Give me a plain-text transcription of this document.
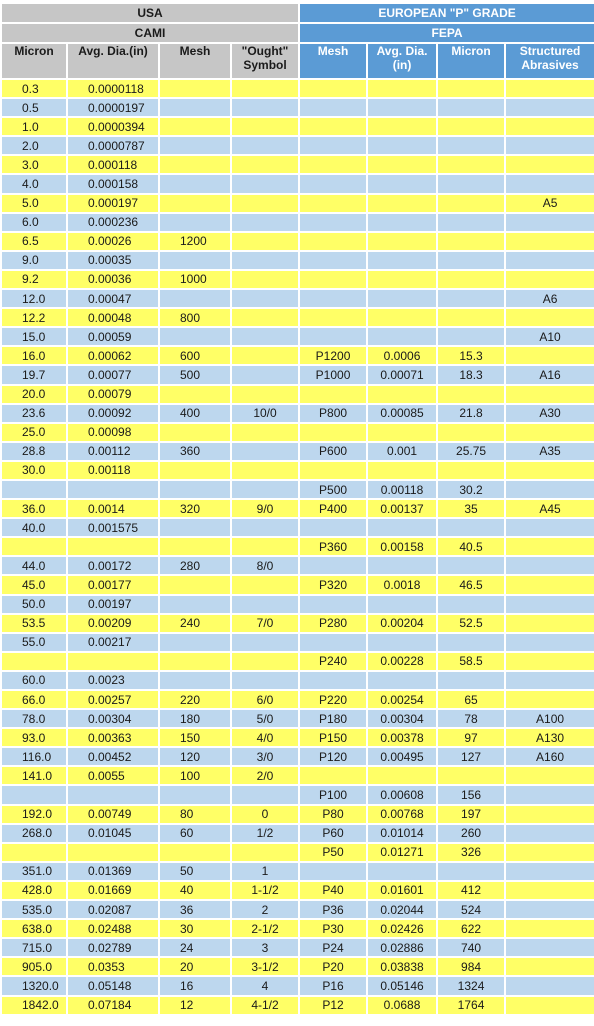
USA				EUROPEAN "P" GRADE			
CAMI				FEPA			
Micron	Avg. Dia.(in)	Mesh	"Ought" Symbol	Mesh	Avg. Dia.(in)	Micron	Structured Abrasives
0.3	0.0000118						
0.5	0.0000197						
1.0	0.0000394						
2.0	0.0000787						
3.0	0.000118						
4.0	0.000158						
5.0	0.000197						A5
6.0	0.000236						
6.5	0.00026	1200					
9.0	0.00035						
9.2	0.00036	1000					
12.0	0.00047						A6
12.2	0.00048	800					
15.0	0.00059						A10
16.0	0.00062	600		P1200	0.0006	15.3	
19.7	0.00077	500		P1000	0.00071	18.3	A16
20.0	0.00079						
23.6	0.00092	400	10/0	P800	0.00085	21.8	A30
25.0	0.00098						
28.8	0.00112	360		P600	0.001	25.75	A35
30.0	0.00118						
				P500	0.00118	30.2	
36.0	0.0014	320	9/0	P400	0.00137	35	A45
40.0	0.001575						
				P360	0.00158	40.5	
44.0	0.00172	280	8/0				
45.0	0.00177			P320	0.0018	46.5	
50.0	0.00197						
53.5	0.00209	240	7/0	P280	0.00204	52.5	
55.0	0.00217						
				P240	0.00228	58.5	
60.0	0.0023						
66.0	0.00257	220	6/0	P220	0.00254	65	
78.0	0.00304	180	5/0	P180	0.00304	78	A100
93.0	0.00363	150	4/0	P150	0.00378	97	A130
116.0	0.00452	120	3/0	P120	0.00495	127	A160
141.0	0.0055	100	2/0				
				P100	0.00608	156	
192.0	0.00749	80	0	P80	0.00768	197	
268.0	0.01045	60	1/2	P60	0.01014	260	
				P50	0.01271	326	
351.0	0.01369	50	1				
428.0	0.01669	40	1-1/2	P40	0.01601	412	
535.0	0.02087	36	2	P36	0.02044	524	
638.0	0.02488	30	2-1/2	P30	0.02426	622	
715.0	0.02789	24	3	P24	0.02886	740	
905.0	0.0353	20	3-1/2	P20	0.03838	984	
1320.0	0.05148	16	4	P16	0.05146	1324	
1842.0	0.07184	12	4-1/2	P12	0.0688	1764	
